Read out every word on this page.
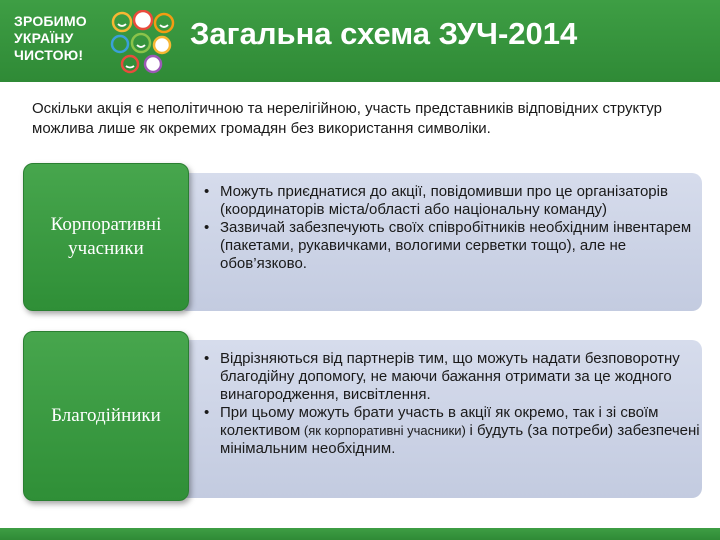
ЗРОБИМО
УКРАЇНУ
ЧИСТОЮ!
Загальна схема ЗУЧ-2014
Оскільки акція є неполітичною та нерелігійною, участь представників відповідних структур можлива лише як окремих громадян без використання символіки.
Корпоративні учасники
• Можуть приєднатися до акції, повідомивши про це організаторів (координаторів міста/області або національну команду)
• Зазвичай забезпечують своїх співробітників необхідним інвентарем (пакетами, рукавичками, вологими серветки тощо), але не обов’язково.
Благодійники
• Відрізняються від партнерів тим, що можуть надати безповоротну благодійну допомогу, не маючи бажання отримати за це жодного винагородження, висвітлення.
• При цьому можуть брати участь в акції як окремо, так і зі своїм колективом (як корпоративні учасники) і будуть (за потреби) забезпечені мінімальним необхідним.
